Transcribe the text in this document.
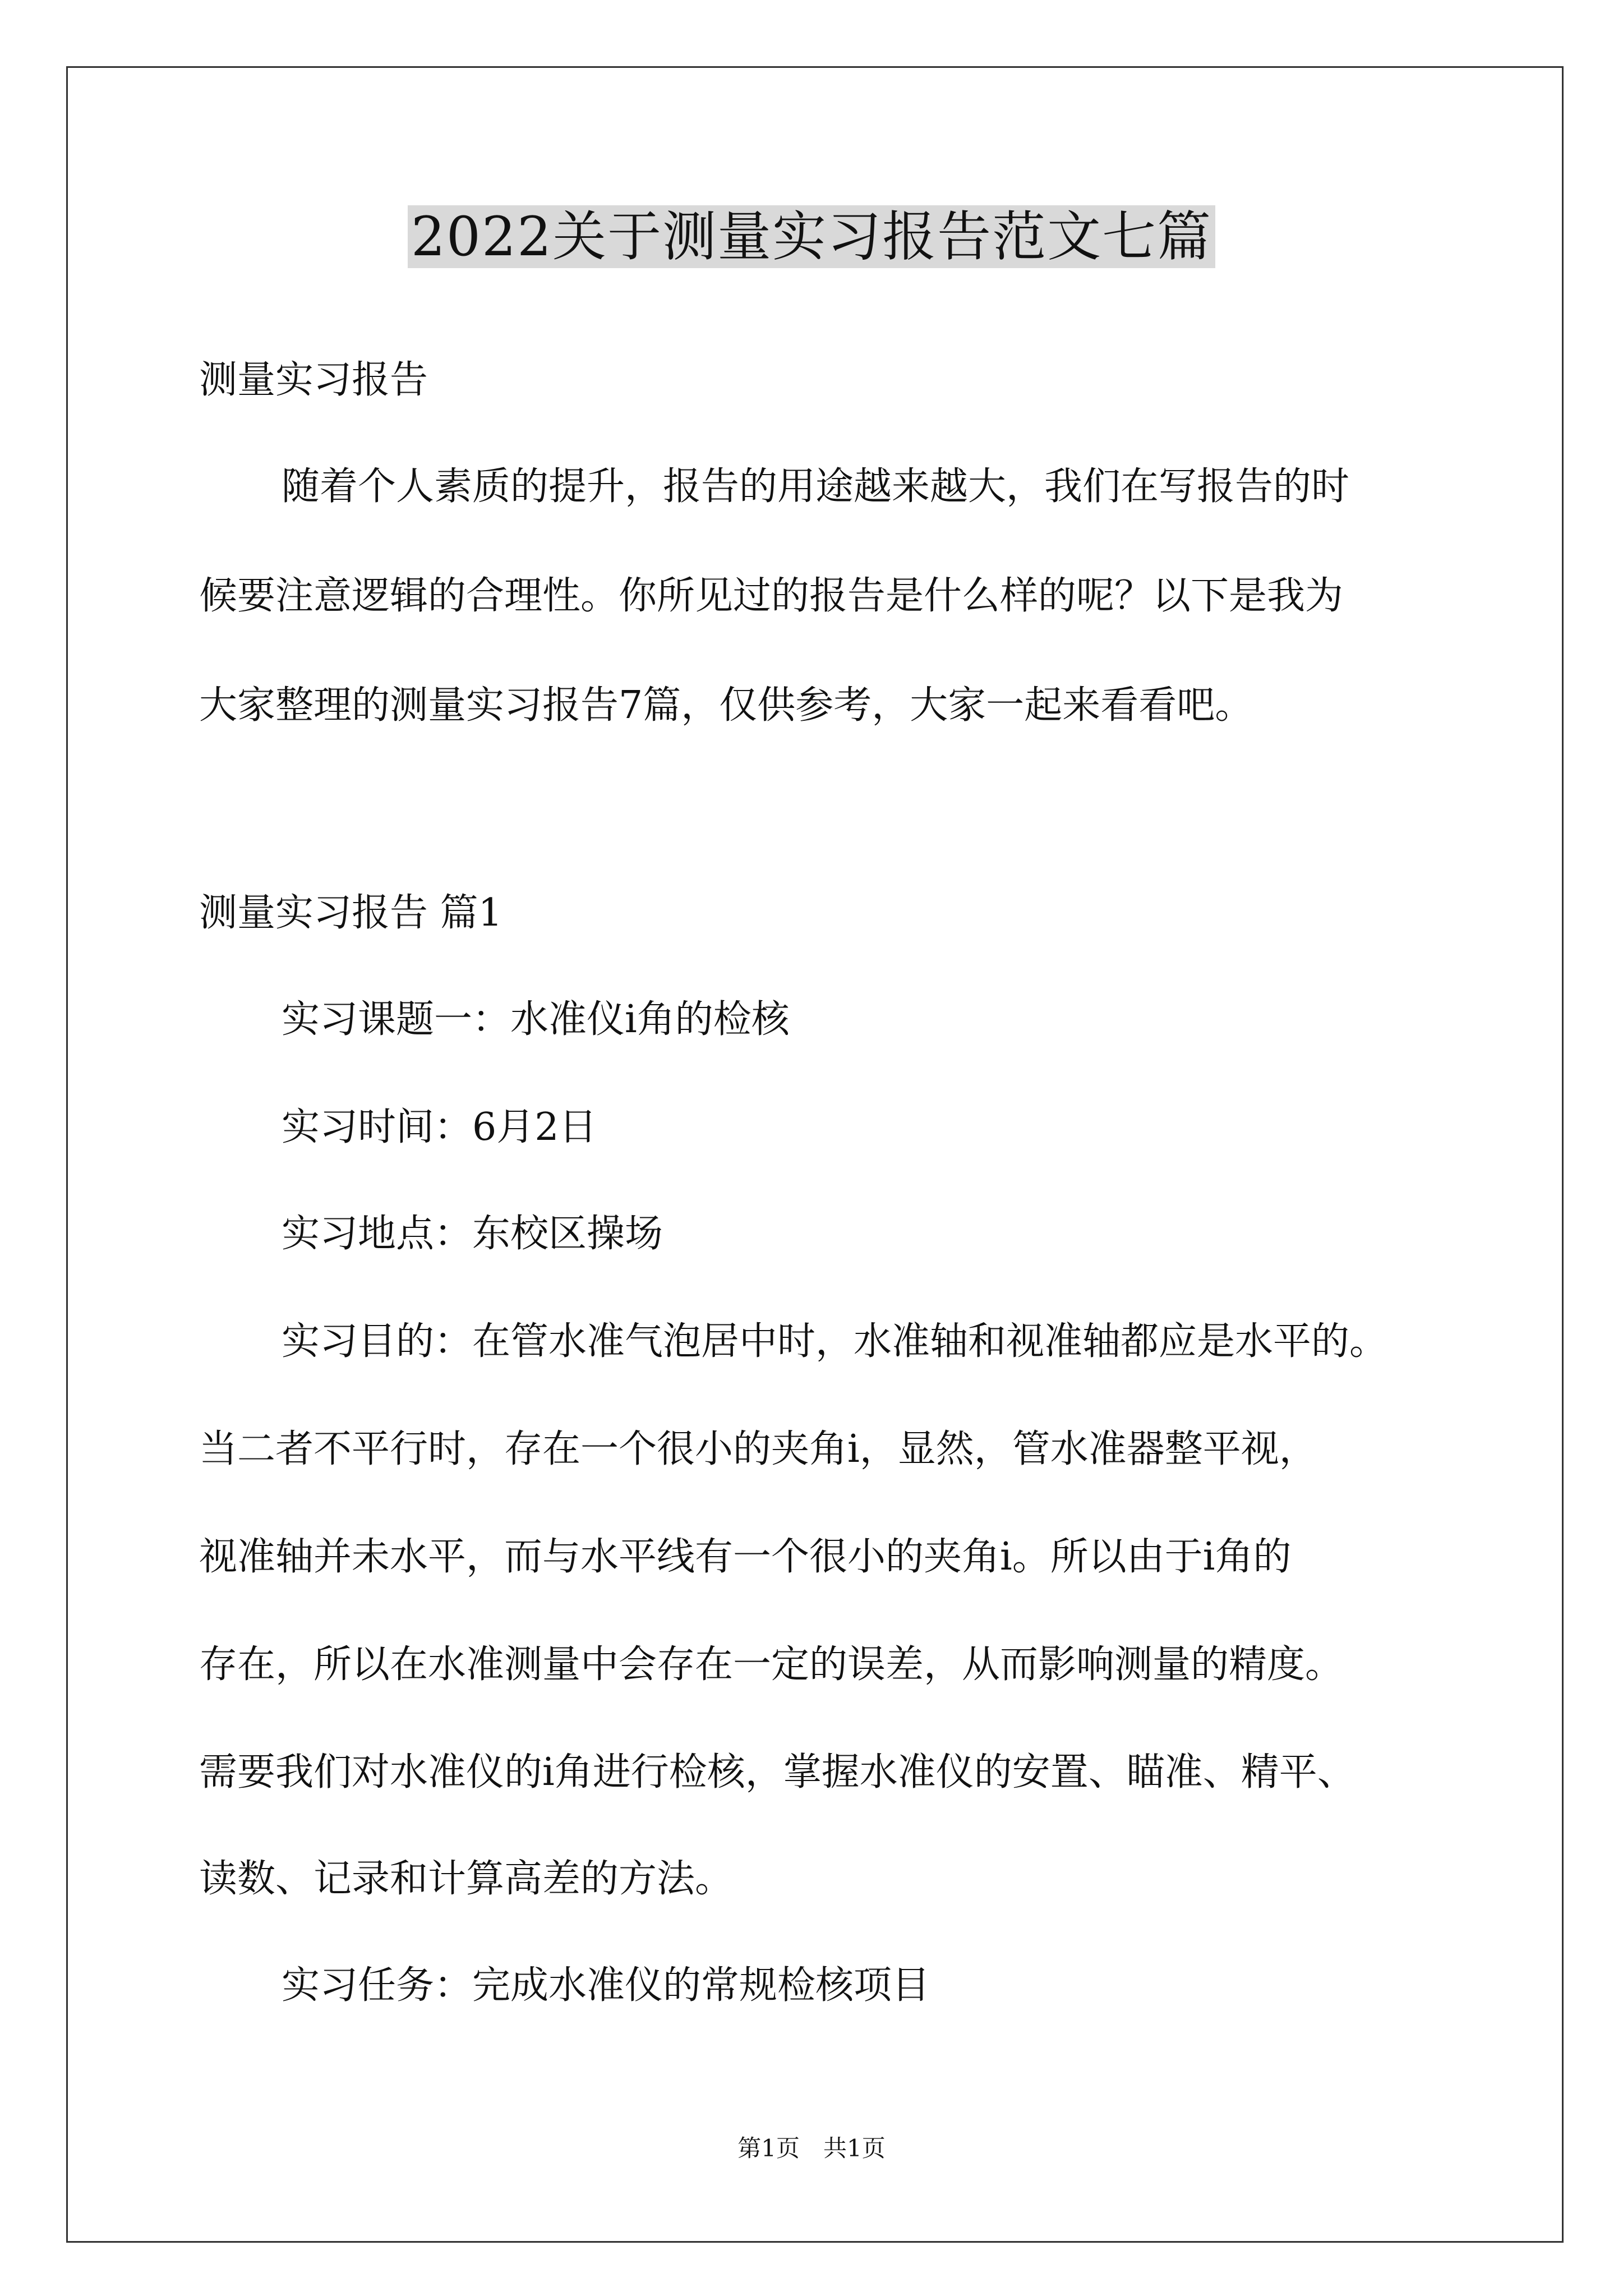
2022关于测量实习报告范文七篇

测量实习报告

随着个人素质的提升，报告的用途越来越大，我们在写报告的时

候要注意逻辑的合理性。你所见过的报告是什么样的呢？以下是我为

大家整理的测量实习报告7篇，仅供参考，大家一起来看看吧。

测量实习报告 篇1

实习课题一：水准仪i角的检核

实习时间：6月2日

实习地点：东校区操场

实习目的：在管水准气泡居中时，水准轴和视准轴都应是水平的。

当二者不平行时，存在一个很小的夹角i，显然，管水准器整平视，

视准轴并未水平，而与水平线有一个很小的夹角i。所以由于i角的

存在，所以在水准测量中会存在一定的误差，从而影响测量的精度。

需要我们对水准仪的i角进行检核，掌握水准仪的安置、瞄准、精平、

读数、记录和计算高差的方法。

实习任务：完成水准仪的常规检核项目

第1页　共1页
